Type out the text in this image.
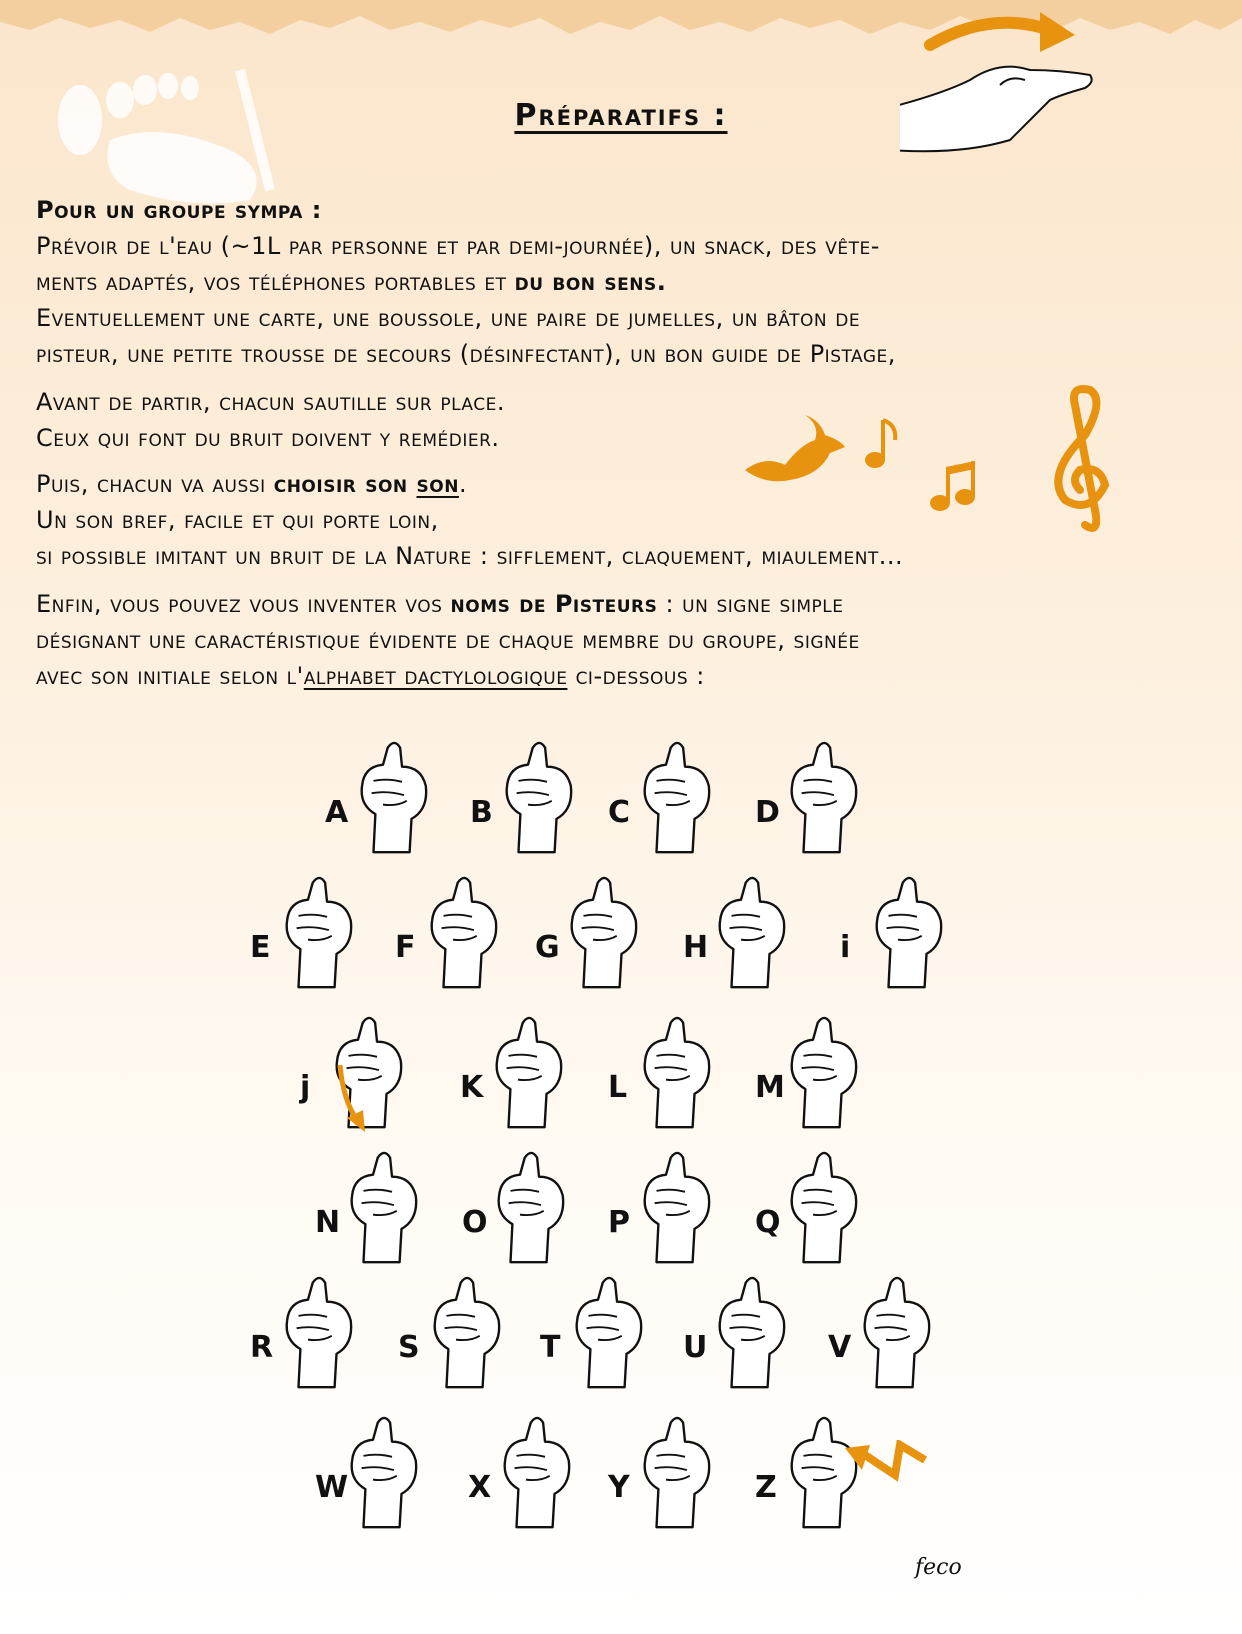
Préparatifs :

Pour un groupe sympa :

Prévoir de l'eau (~1L par personne et par demi-journée), un snack, des vête-

ments adaptés, vos téléphones portables et du bon sens.

Eventuellement une carte, une boussole, une paire de jumelles, un bâton de

pisteur, une petite trousse de secours (désinfectant), un bon guide de Pistage,

Avant de partir, chacun sautille sur place.

Ceux qui font du bruit doivent y remédier.

Puis, chacun va aussi choisir son son.

Un son bref, facile et qui porte loin,

si possible imitant un bruit de la Nature : sifflement, claquement, miaulement...

Enfin, vous pouvez vous inventer vos noms de Pisteurs : un signe simple

désignant une caractéristique évidente de chaque membre du groupe, signée

avec son initiale selon l'alphabet dactylologique ci-dessous :

A	B	C	D
E	F	G	H	i
j	K	L	M
N	O	P	Q
R	S	T	U	V
W	X	Y	Z
feco
